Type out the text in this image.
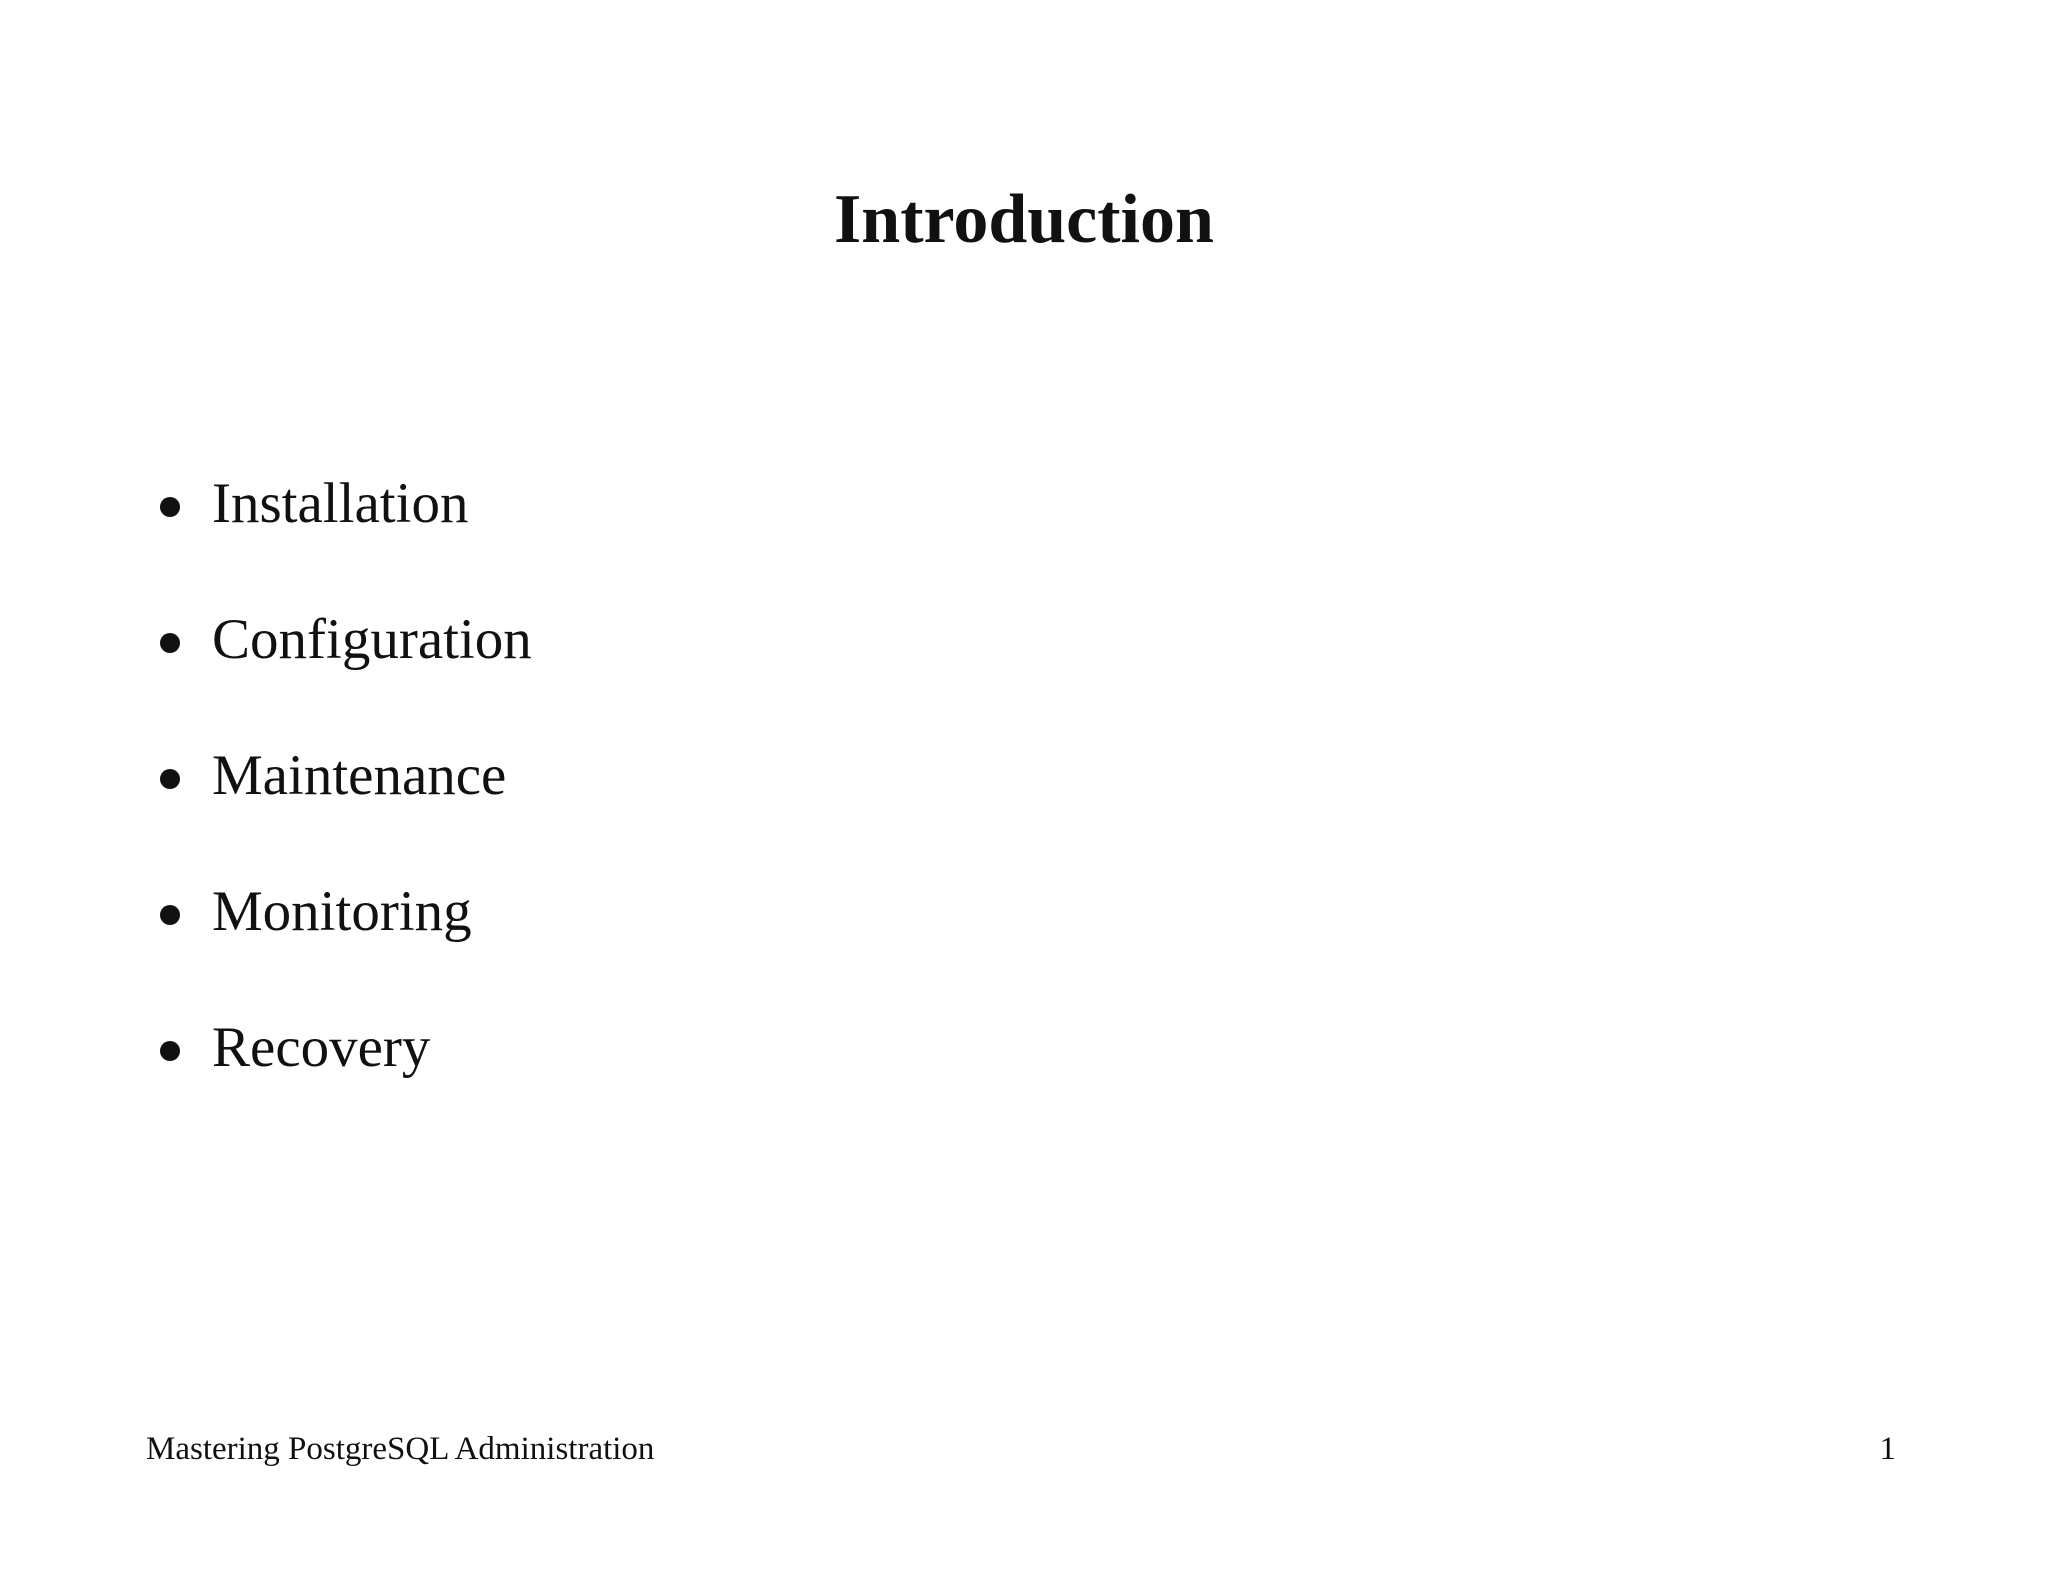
Introduction
Installation
Configuration
Maintenance
Monitoring
Recovery
Mastering PostgreSQL Administration	1
